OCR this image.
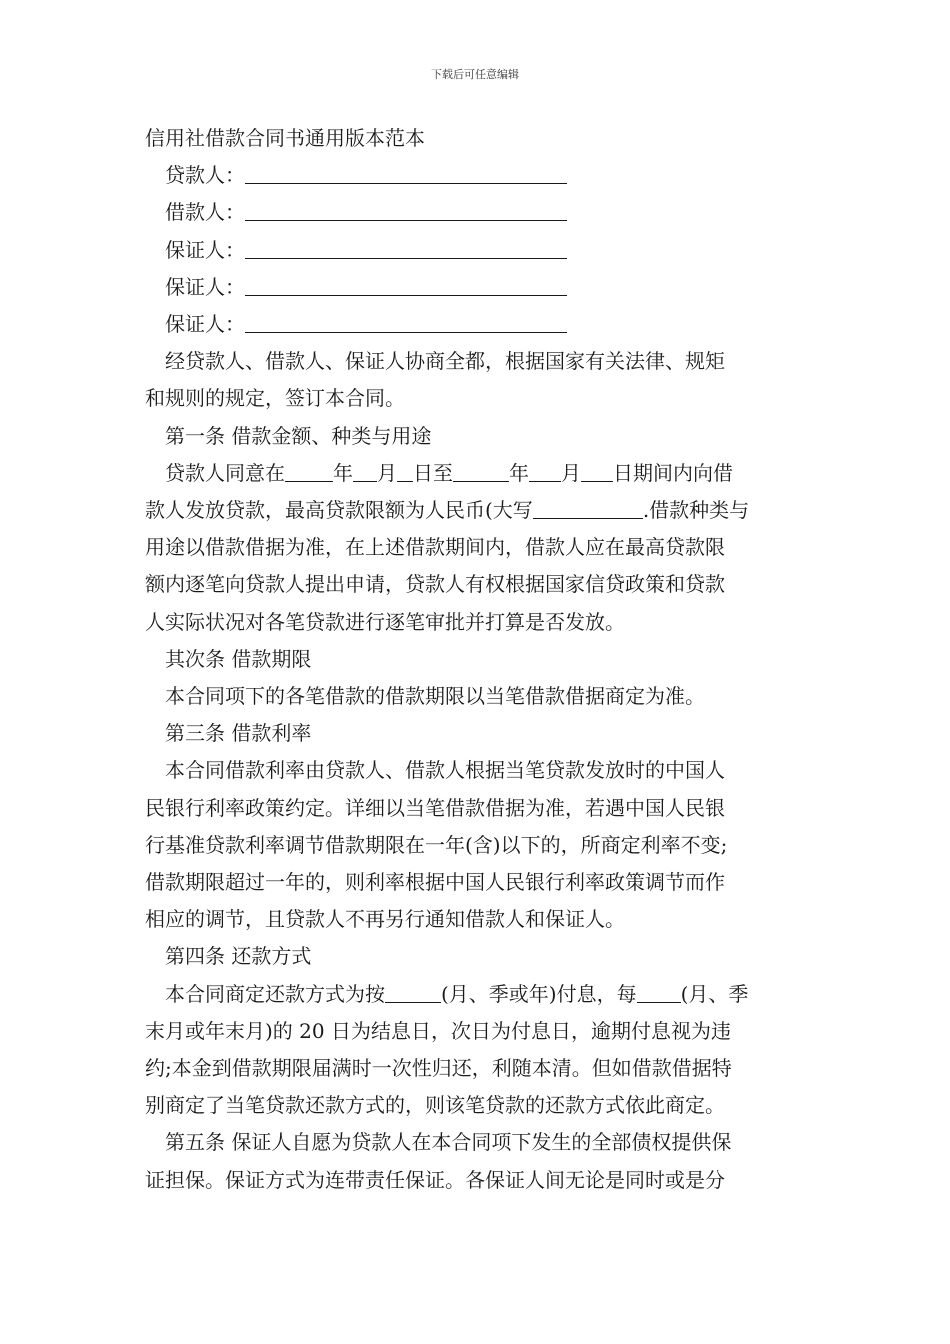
下载后可任意编辑
信用社借款合同书通用版本范本
贷款人：
借款人：
保证人：
保证人：
保证人：
经贷款人、借款人、保证人协商全都，根据国家有关法律、规矩
和规则的规定，签订本合同。
第一条 借款金额、种类与用途
贷款人同意在 年 月 日至	年 月 日期间内向借
款人发放贷款，最高贷款限额为人民币(大写	.借款种类与
用途以借款借据为准，在上述借款期间内，借款人应在最高贷款限
额内逐笔向贷款人提出申请，贷款人有权根据国家信贷政策和贷款
人实际状况对各笔贷款进行逐笔审批并打算是否发放。
其次条 借款期限
本合同项下的各笔借款的借款期限以当笔借款借据商定为准。
第三条 借款利率
本合同借款利率由贷款人、借款人根据当笔贷款发放时的中国人
民银行利率政策约定。详细以当笔借款借据为准，若遇中国人民银
行基准贷款利率调节借款期限在一年(含)以下的，所商定利率不变;
借款期限超过一年的，则利率根据中国人民银行利率政策调节而作
相应的调节，且贷款人不再另行通知借款人和保证人。
第四条 还款方式
本合同商定还款方式为按	(月、季或年)付息，每 (月、季
末月或年末月)的 20 日为结息日，次日为付息日，逾期付息视为违
约;本金到借款期限届满时一次性归还，利随本清。但如借款借据特
别商定了当笔贷款还款方式的，则该笔贷款的还款方式依此商定。
第五条 保证人自愿为贷款人在本合同项下发生的全部债权提供保
证担保。保证方式为连带责任保证。各保证人间无论是同时或是分
